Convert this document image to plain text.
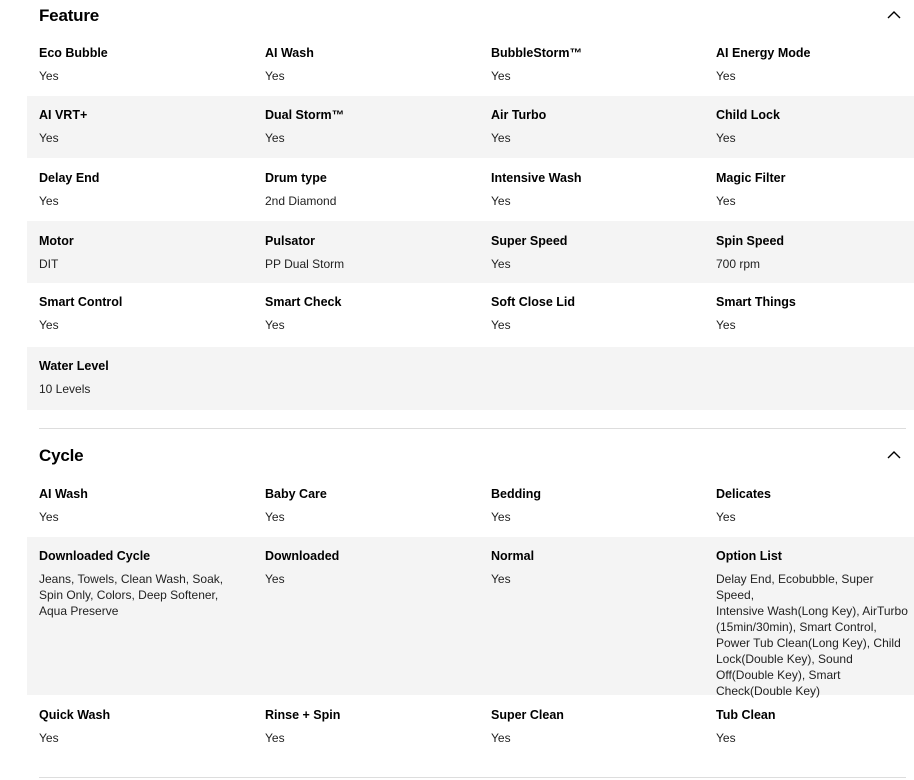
Feature
Eco Bubble
Yes
AI Wash
Yes
BubbleStorm™
Yes
AI Energy Mode
Yes
AI VRT+
Yes
Dual Storm™
Yes
Air Turbo
Yes
Child Lock
Yes
Delay End
Yes
Drum type
2nd Diamond
Intensive Wash
Yes
Magic Filter
Yes
Motor
DIT
Pulsator
PP Dual Storm
Super Speed
Yes
Spin Speed
700 rpm
Smart Control
Yes
Smart Check
Yes
Soft Close Lid
Yes
Smart Things
Yes
Water Level
10 Levels
Cycle
AI Wash
Yes
Baby Care
Yes
Bedding
Yes
Delicates
Yes
Downloaded Cycle
Jeans, Towels, Clean Wash, Soak,
Spin Only, Colors, Deep Softener,
Aqua Preserve
Downloaded
Yes
Normal
Yes
Option List
Delay End, Ecobubble, Super Speed,
Intensive Wash(Long Key), AirTurbo
(15min/30min), Smart Control,
Power Tub Clean(Long Key), Child
Lock(Double Key), Sound
Off(Double Key), Smart
Check(Double Key)
Quick Wash
Yes
Rinse + Spin
Yes
Super Clean
Yes
Tub Clean
Yes
